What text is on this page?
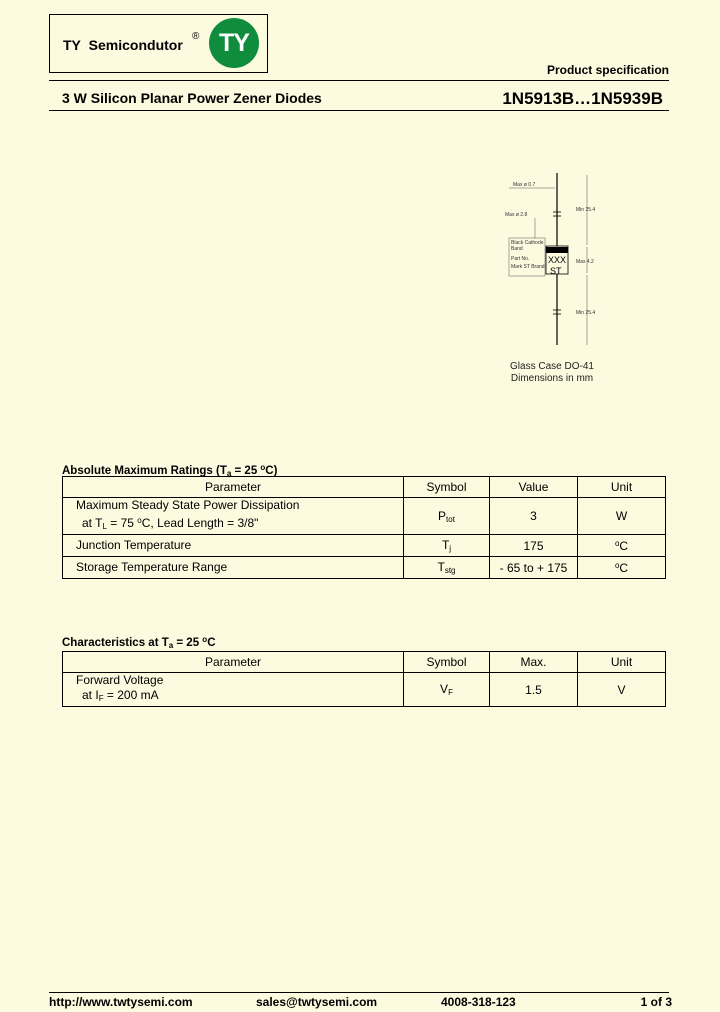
TY Semicondutor
® TY
Product specification
3 W Silicon Planar Power Zener Diodes	1N5913B…1N5939B
Max ø 0.7
Max ø 2.8
Min 25.4
Max 4.2
Min 25.4
Black Cathode Band
Part No.
Mark ST Brand
XXX
ST
Glass Case DO-41
Dimensions in mm
Absolute Maximum Ratings ($T_a = 25$ $^o$C)
Parameter	Symbol	Value	Unit

Maximum Steady State Power Dissipation
at $T_L = 75$ $^o$C, Lead Length = 3/8"	$P_{tot}$	3	W
Junction Temperature	$T_j$	175	$^o$C
Storage Temperature Range	$T_{stg}$	- 65 to + 175	$^o$C
Characteristics at $T_a = 25$ $^o$C
Parameter	Symbol	Max.	Unit

Forward Voltage
at $I_F = 200$ mA	$V_F$	1.5	V
http://www.twtysemi.com	sales@twtysemi.com	4008-318-123	1 of 3
